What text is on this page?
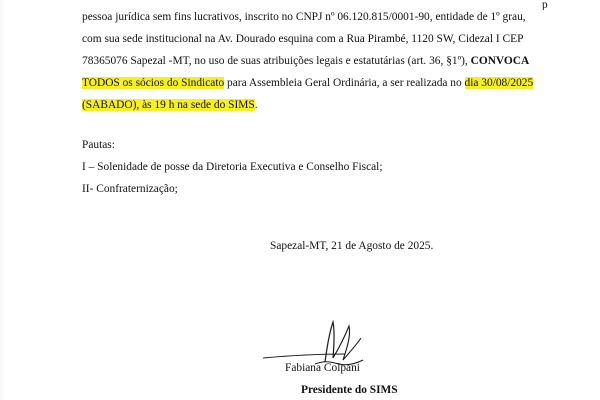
p
pessoa jurídica sem fins lucrativos, inscrito no CNPJ nº 06.120.815/0001-90, entidade de 1º grau,
com sua sede institucional na Av. Dourado esquina com a Rua Pirambé, 1120 SW, Cidezal I CEP
78365076 Sapezal -MT, no uso de suas atribuições legais e estatutárias (art. 36, §1º), CONVOCA
TODOS os sócios do Sindicato para Assembleia Geral Ordinária, a ser realizada no dia 30/08/2025
(SABADO), às 19 h na sede do SIMS.
Pautas:
I – Solenidade de posse da Diretoria Executiva e Conselho Fiscal;
II- Confraternização;
Sapezal-MT, 21 de Agosto de 2025.
Fabiana Colpani
Presidente do SIMS
